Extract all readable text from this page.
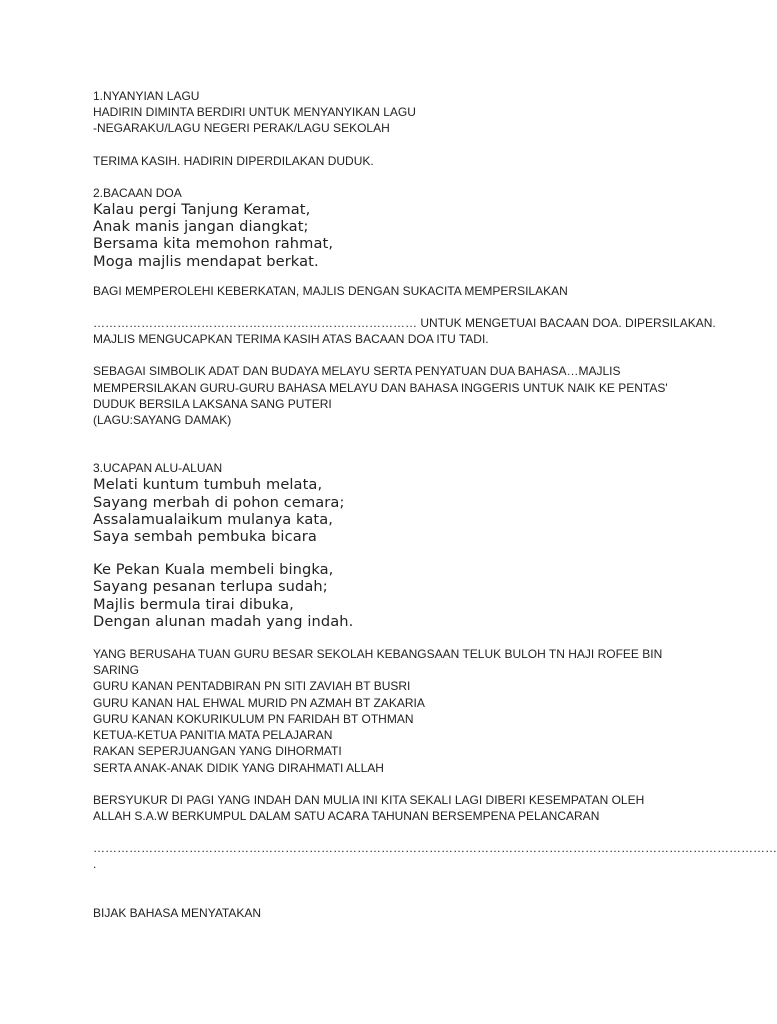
1.NYANYIAN LAGU
HADIRIN DIMINTA BERDIRI UNTUK MENYANYIKAN LAGU
-NEGARAKU/LAGU NEGERI PERAK/LAGU SEKOLAH
TERIMA KASIH. HADIRIN DIPERDILAKAN DUDUK.
2.BACAAN DOA
Kalau pergi Tanjung Keramat,
Anak manis jangan diangkat;
Bersama kita memohon rahmat,
Moga majlis mendapat berkat.
BAGI MEMPEROLEHI KEBERKATAN, MAJLIS DENGAN SUKACITA MEMPERSILAKAN
……………………………………………………………………… UNTUK MENGETUAI BACAAN DOA. DIPERSILAKAN.
MAJLIS MENGUCAPKAN TERIMA KASIH ATAS BACAAN DOA ITU TADI.
SEBAGAI SIMBOLIK ADAT DAN BUDAYA MELAYU SERTA PENYATUAN DUA BAHASA…MAJLIS
MEMPERSILAKAN GURU-GURU BAHASA MELAYU DAN BAHASA INGGERIS UNTUK NAIK KE PENTAS'
DUDUK BERSILA LAKSANA SANG PUTERI
(LAGU:SAYANG DAMAK)
3.UCAPAN ALU-ALUAN
Melati kuntum tumbuh melata,
Sayang merbah di pohon cemara;
Assalamualaikum mulanya kata,
Saya sembah pembuka bicara
Ke Pekan Kuala membeli bingka,
Sayang pesanan terlupa sudah;
Majlis bermula tirai dibuka,
Dengan alunan madah yang indah.
YANG BERUSAHA TUAN GURU BESAR SEKOLAH KEBANGSAAN TELUK BULOH TN HAJI ROFEE BIN
SARING
GURU KANAN PENTADBIRAN PN SITI ZAVIAH BT BUSRI
GURU KANAN HAL EHWAL MURID PN AZMAH BT ZAKARIA
GURU KANAN KOKURIKULUM PN FARIDAH BT OTHMAN
KETUA-KETUA PANITIA MATA PELAJARAN
RAKAN SEPERJUANGAN YANG DIHORMATI
SERTA ANAK-ANAK DIDIK YANG DIRAHMATI ALLAH
BERSYUKUR DI PAGI YANG INDAH DAN MULIA INI KITA SEKALI LAGI DIBERI KESEMPATAN OLEH
ALLAH S.A.W BERKUMPUL DALAM SATU ACARA TAHUNAN BERSEMPENA PELANCARAN
………………………………………………………………………………………………………………………………………………………
.
BIJAK BAHASA MENYATAKAN
